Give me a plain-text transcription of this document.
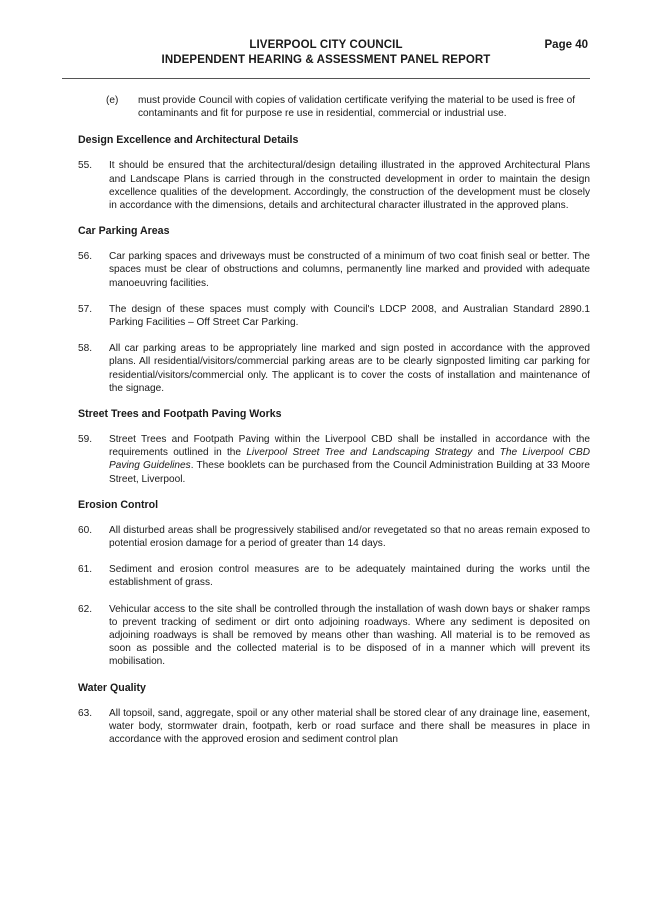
LIVERPOOL CITY COUNCIL
INDEPENDENT HEARING & ASSESSMENT PANEL REPORT
Page 40
(e)	must provide Council with copies of validation certificate verifying the material to be used is free of contaminants and fit for purpose re use in residential, commercial or industrial use.
Design Excellence and Architectural Details
55.	It should be ensured that the architectural/design detailing illustrated in the approved Architectural Plans and Landscape Plans is carried through in the constructed development in order to maintain the design excellence qualities of the development. Accordingly, the construction of the development must be closely in accordance with the dimensions, details and architectural character illustrated in the approved plans.
Car Parking Areas
56.	Car parking spaces and driveways must be constructed of a minimum of two coat finish seal or better. The spaces must be clear of obstructions and columns, permanently line marked and provided with adequate manoeuvring facilities.
57.	The design of these spaces must comply with Council's LDCP 2008, and Australian Standard 2890.1 Parking Facilities – Off Street Car Parking.
58.	All car parking areas to be appropriately line marked and sign posted in accordance with the approved plans. All residential/visitors/commercial parking areas are to be clearly signposted limiting car parking for residential/visitors/commercial only. The applicant is to cover the costs of installation and maintenance of the signage.
Street Trees and Footpath Paving Works
59.	Street Trees and Footpath Paving within the Liverpool CBD shall be installed in accordance with the requirements outlined in the Liverpool Street Tree and Landscaping Strategy and The Liverpool CBD Paving Guidelines. These booklets can be purchased from the Council Administration Building at 33 Moore Street, Liverpool.
Erosion Control
60.	All disturbed areas shall be progressively stabilised and/or revegetated so that no areas remain exposed to potential erosion damage for a period of greater than 14 days.
61.	Sediment and erosion control measures are to be adequately maintained during the works until the establishment of grass.
62.	Vehicular access to the site shall be controlled through the installation of wash down bays or shaker ramps to prevent tracking of sediment or dirt onto adjoining roadways. Where any sediment is deposited on adjoining roadways is shall be removed by means other than washing. All material is to be removed as soon as possible and the collected material is to be disposed of in a manner which will prevent its mobilisation.
Water Quality
63.	All topsoil, sand, aggregate, spoil or any other material shall be stored clear of any drainage line, easement, water body, stormwater drain, footpath, kerb or road surface and there shall be measures in place in accordance with the approved erosion and sediment control plan
